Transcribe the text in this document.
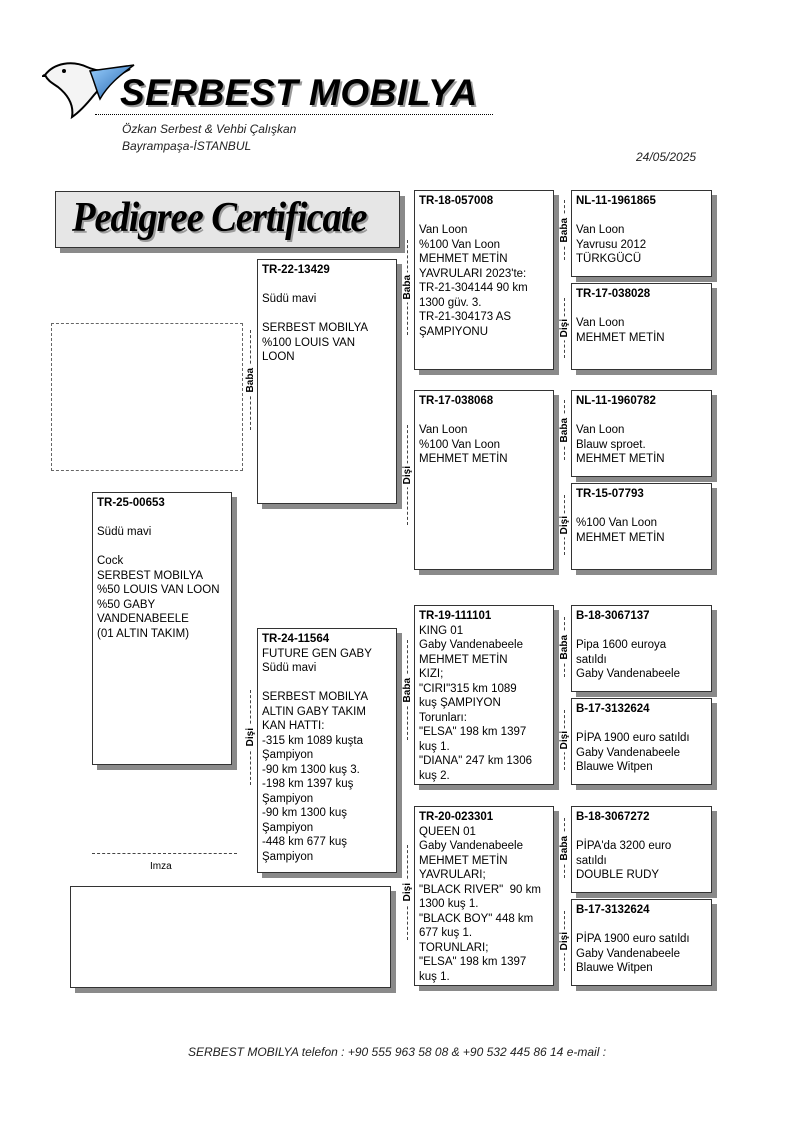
SERBEST MOBILYA
Özkan Serbest & Vehbi Çalışkan
Bayrampaşa-İSTANBUL
24/05/2025
Pedigree Certificate
TR-25-00653
Südü mavi
Cock
SERBEST MOBILYA
%50 LOUIS VAN LOON
%50 GABY
VANDENABEELE
(01 ALTIN TAKIM)
TR-22-13429
Südü mavi
SERBEST MOBILYA
%100 LOUIS VAN
LOON
TR-24-11564
FUTURE GEN GABY
Südü mavi
SERBEST MOBILYA
ALTIN GABY TAKIM
KAN HATTI:
-315 km 1089 kuşta
Şampiyon
-90 km 1300 kuş 3.
-198 km 1397 kuş
Şampiyon
-90 km 1300 kuş
Şampiyon
-448 km 677 kuş
Şampiyon
TR-18-057008
Van Loon
%100 Van Loon
MEHMET METİN
YAVRULARI 2023'te:
TR-21-304144 90 km
1300 güv. 3.
TR-21-304173 AS
ŞAMPIYONU
TR-17-038068
Van Loon
%100 Van Loon
MEHMET METİN
TR-19-111101
KING 01
Gaby Vandenabeele
MEHMET METİN
KIZI;
"CIRI"315 km 1089
kuş ŞAMPIYON
Torunları:
"ELSA" 198 km 1397
kuş 1.
"DIANA" 247 km 1306
kuş 2.
TR-20-023301
QUEEN 01
Gaby Vandenabeele
MEHMET METİN
YAVRULARI;
"BLACK RIVER"  90 km
1300 kuş 1.
"BLACK BOY" 448 km
677 kuş 1.
TORUNLARI;
"ELSA" 198 km 1397
kuş 1.
NL-11-1961865
Van Loon
Yavrusu 2012
TÜRKGÜCÜ
TR-17-038028
Van Loon
MEHMET METİN
NL-11-1960782
Van Loon
Blauw sproet.
MEHMET METİN
TR-15-07793
%100 Van Loon
MEHMET METİN
B-18-3067137
Pipa 1600 euroya
satıldı
Gaby Vandenabeele
B-17-3132624
PİPA 1900 euro satıldı
Gaby Vandenabeele
Blauwe Witpen
B-18-3067272
PİPA'da 3200 euro
satıldı
DOUBLE RUDY
B-17-3132624
PİPA 1900 euro satıldı
Gaby Vandenabeele
Blauwe Witpen
Baba
Dişi
Baba
Dişi
Baba
Dişi
Baba
Dişi
Baba
Dişi
Baba
Dişi
Baba
Dişi
Imza
SERBEST MOBILYA telefon : +90 555 963 58 08 & +90 532 445 86 14 e-mail :
